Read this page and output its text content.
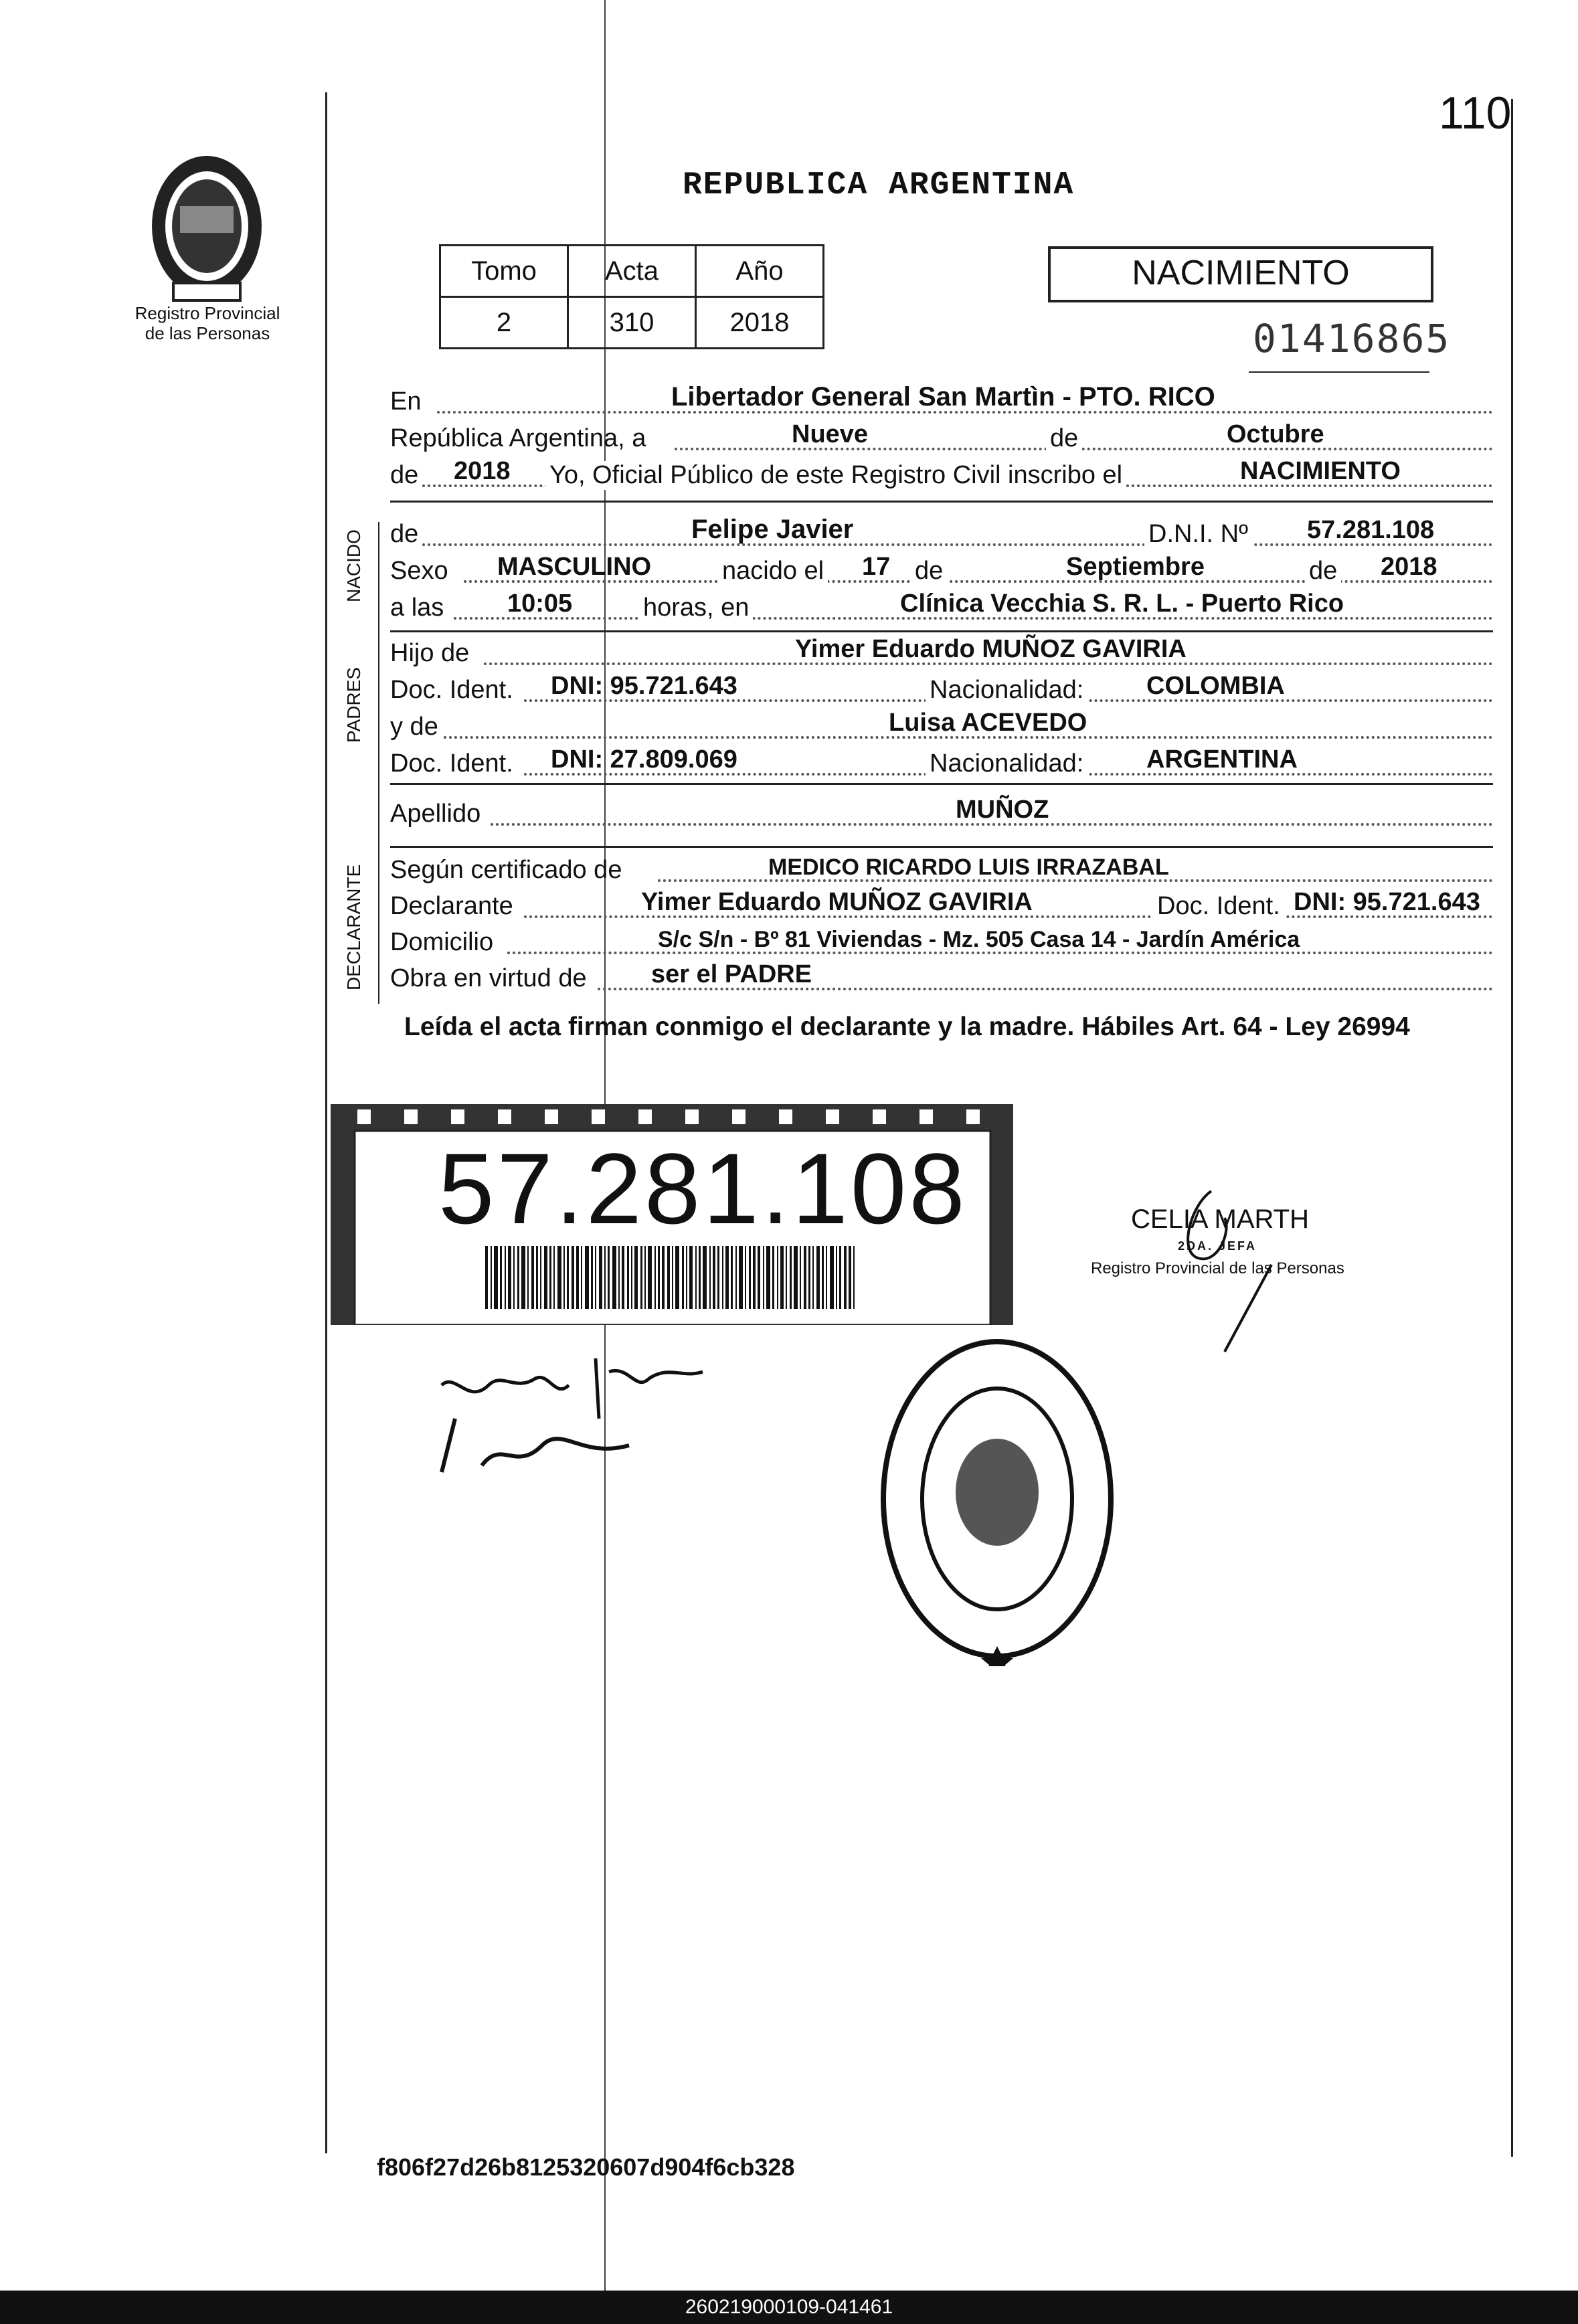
110
Registro Provincial
de las Personas
REPUBLICA ARGENTINA
Tomo	Acta	Año
2	310	2018
NACIMIENTO
01416865
En	Libertador General San Martìn - PTO. RICO
República Argentina, a	Nueve	de	Octubre
de 2018 Yo, Oficial Público de este Registro Civil inscribo el	NACIMIENTO
NACIDO de	Felipe Javier	D.N.I. Nº 57.281.108
Sexo MASCULINO	nacido el 17 de	Septiembre	de 2018
a las 10:05	horas, en	Clínica Vecchia S. R. L. - Puerto Rico
PADRES
Hijo de	Yimer Eduardo MUÑOZ GAVIRIA
Doc. Ident. DNI: 95.721.643	Nacionalidad: COLOMBIA
y de	Luisa ACEVEDO
Doc. Ident. DNI: 27.809.069	Nacionalidad: ARGENTINA
Apellido	MUÑOZ
DECLARANTE Según certificado de	MEDICO RICARDO LUIS IRRAZABAL
Declarante	Yimer Eduardo MUÑOZ GAVIRIA	Doc. Ident. DNI: 95.721.643
Domicilio	S/c S/n - Bº 81 Viviendas - Mz. 505 Casa 14 - Jardín América
Obra en virtud de	ser el PADRE
Leída el acta firman conmigo el declarante y la madre. Hábiles Art. 64 - Ley 26994
57.281.108	CELIA MARTH
2DA. JEFA
Registro Provincial de las Personas
f806f27d26b8125320607d904f6cb328
260219000109-041461
